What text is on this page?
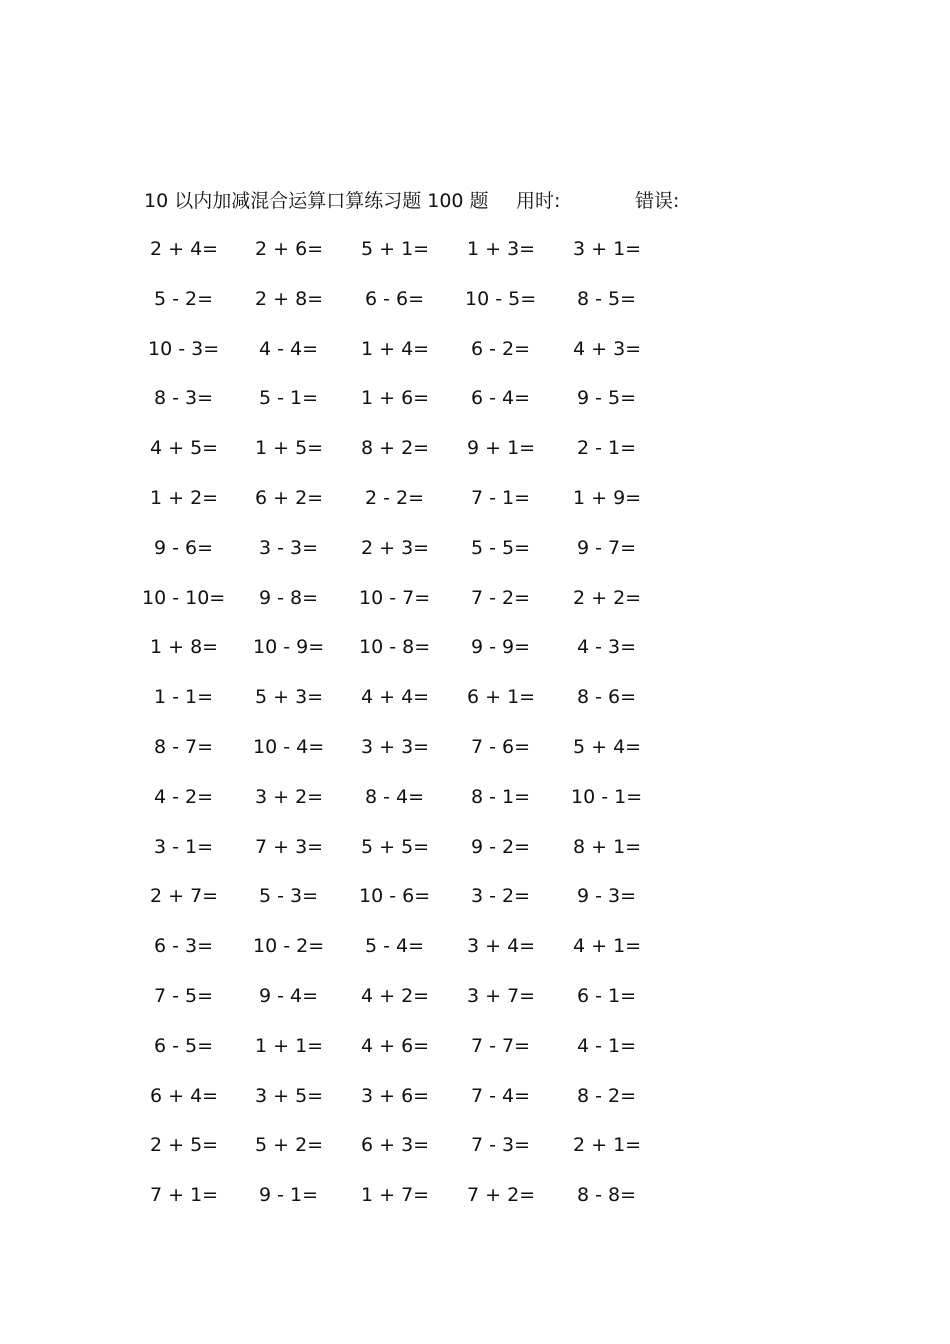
10 以内加减混合运算口算练习题 100 题 用时:	错误:
2 + 4= 2 + 6= 5 + 1= 1 + 3= 3 + 1=
5 - 2= 2 + 8= 6 - 6= 10 - 5= 8 - 5=
10 - 3= 4 - 4= 1 + 4= 6 - 2= 4 + 3=
8 - 3= 5 - 1= 1 + 6= 6 - 4= 9 - 5=
4 + 5= 1 + 5= 8 + 2= 9 + 1= 2 - 1=
1 + 2= 6 + 2= 2 - 2= 7 - 1= 1 + 9=
9 - 6= 3 - 3= 2 + 3= 5 - 5= 9 - 7=
10 - 10= 9 - 8= 10 - 7= 7 - 2= 2 + 2=
1 + 8= 10 - 9= 10 - 8= 9 - 9= 4 - 3=
1 - 1= 5 + 3= 4 + 4= 6 + 1= 8 - 6=
8 - 7= 10 - 4= 3 + 3= 7 - 6= 5 + 4=
4 - 2= 3 + 2= 8 - 4= 8 - 1= 10 - 1=
3 - 1= 7 + 3= 5 + 5= 9 - 2= 8 + 1=
2 + 7= 5 - 3= 10 - 6= 3 - 2= 9 - 3=
6 - 3= 10 - 2= 5 - 4= 3 + 4= 4 + 1=
7 - 5= 9 - 4= 4 + 2= 3 + 7= 6 - 1=
6 - 5= 1 + 1= 4 + 6= 7 - 7= 4 - 1=
6 + 4= 3 + 5= 3 + 6= 7 - 4= 8 - 2=
2 + 5= 5 + 2= 6 + 3= 7 - 3= 2 + 1=
7 + 1= 9 - 1= 1 + 7= 7 + 2= 8 - 8=
